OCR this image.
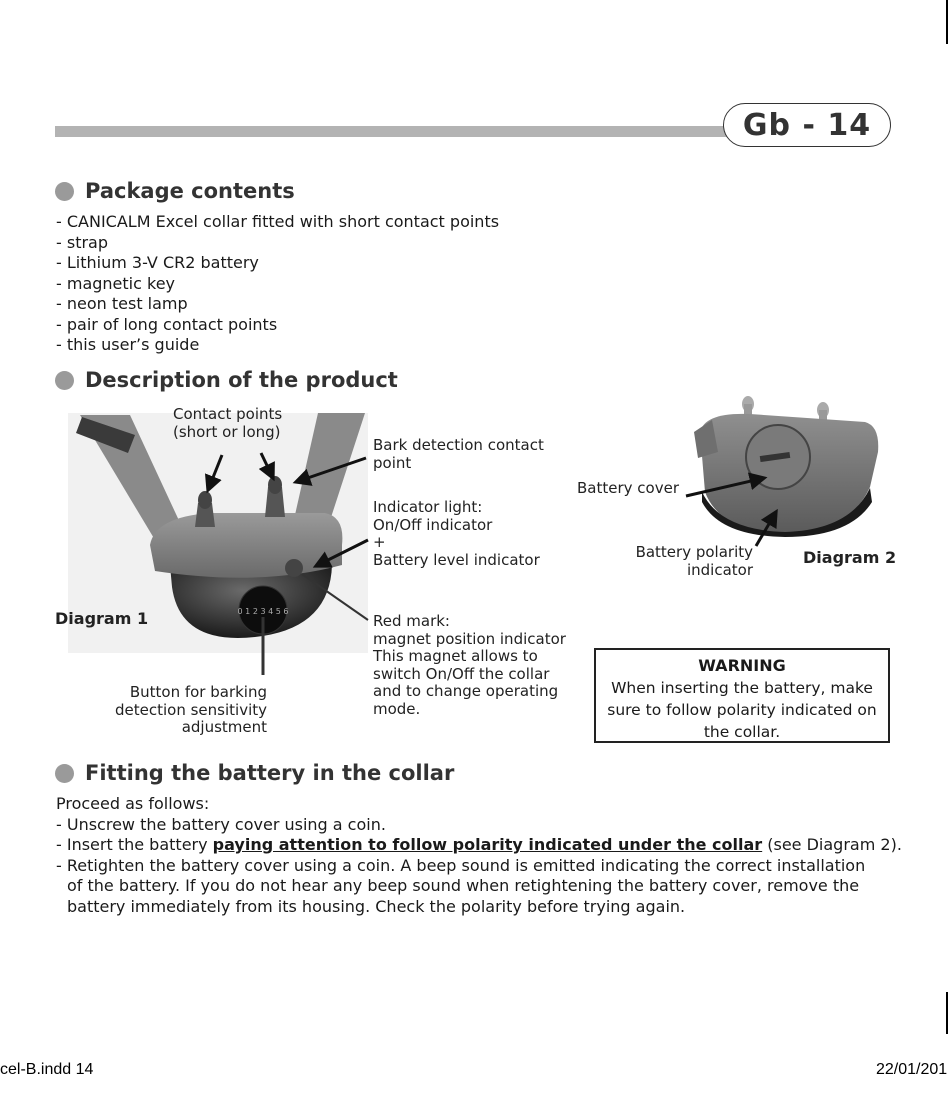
Gb - 14
Package contents
- CANICALM Excel collar fitted with short contact points
- strap
- Lithium 3-V CR2 battery
- magnetic key
- neon test lamp
- pair of long contact points
- this user’s guide
Description of the product
0 1 2 3 4 5 6
Contact points
(short or long)
Bark detection contact
point
Indicator light:
On/Off indicator
+
Battery level indicator
Red mark:
magnet position indicator
This magnet allows to
switch On/Off the collar
and to change operating
mode.
Button for barking
detection sensitivity
adjustment
Diagram 1
Battery cover
Battery polarity
indicator
Diagram 2
WARNING
When inserting the battery, make
sure to follow polarity indicated on
the collar.
Fitting the battery in the collar
Proceed as follows:
- Unscrew the battery cover using a coin.
- Insert the battery paying attention to follow polarity indicated under the collar (see Diagram 2).
- Retighten the battery cover using a coin. A beep sound is emitted indicating the correct installation
of the battery. If you do not hear any beep sound when retightening the battery cover, remove the
battery immediately from its housing. Check the polarity before trying again.
cel-B.indd 14	22/01/201
